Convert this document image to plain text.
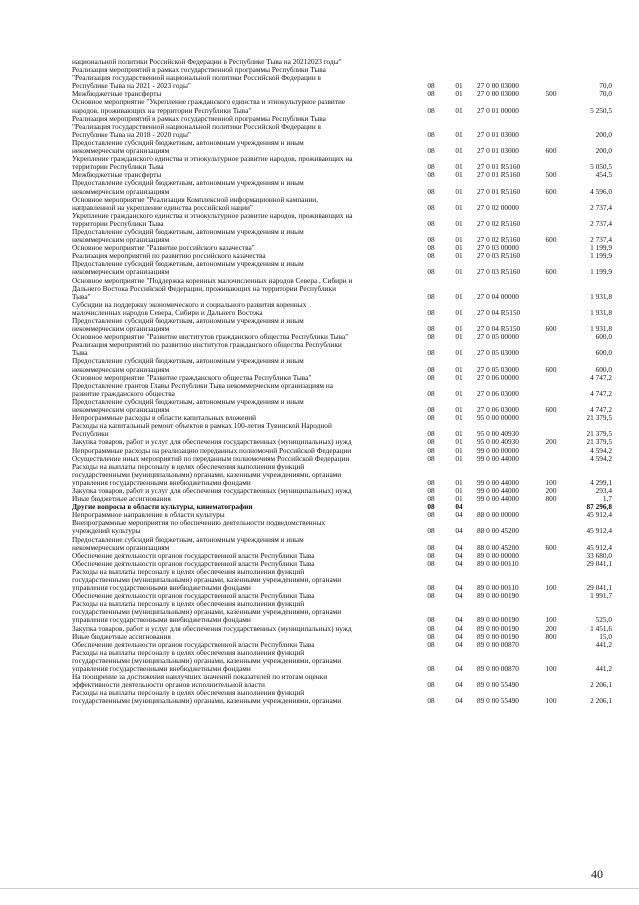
национальной политики Российской Федерации в Республике Тыва на 20212023 годы"
Реализация мероприятий в рамках государственной программы Республики Тыва
"Реализация государственной национальной политики Российской Федерации в
Республике Тыва на 2021 - 2023 годы"	08	01	27 0 00 03000	70,0
Межбюджетные трансферты	08	01	27 0 00 03000	500	70,0
Основное мероприятие "Укрепление гражданского единства и этнокультурное развитие
народов, проживающих на территории Республики Тыва"	08	01	27 0 01 00000	5 250,5
Реализация мероприятий в рамках государственной программы Республики Тыва
"Реализация государственной национальной политики Российской Федерации в
Республике Тыва на 2018 - 2020 годы"	08	01	27 0 01 03000	200,0
Предоставление субсидий бюджетным, автономным учреждениям и иным
некоммерческим организациям	08	01	27 0 01 03000	600	200,0
Укрепление гражданского единства и этнокультурное развитие народов, проживающих на
территории Республики Тыва	08	01	27 0 01 R5160	5 050,5
Межбюджетные трансферты	08	01	27 0 01 R5160	500	454,5
Предоставление субсидий бюджетным, автономным учреждениям и иным
некоммерческим организациям	08	01	27 0 01 R5160	600	4 596,0
Основное мероприятие "Реализация Комплексной информационной кампании,
направленной на укрепление единства российской нации"	08	01	27 0 02 00000	2 737,4
Укрепление гражданского единства и этнокультурное развитие народов, проживающих на
территории Республики Тыва	08	01	27 0 02 R5160	2 737,4
Предоставление субсидий бюджетным, автономным учреждениям и иным
некоммерческим организациям	08	01	27 0 02 R5160	600	2 737,4
Основное мероприятие "Развитие российского казачества"	08	01	27 0 03 00000	1 199,9
Реализация мероприятий по развитию российского казачества	08	01	27 0 03 R5160	1 199,9
Предоставление субсидий бюджетным, автономным учреждениям и иным
некоммерческим организациям	08	01	27 0 03 R5160	600	1 199,9
Основное мероприятие "Поддержка коренных малочисленных народов Севера , Сибири и
Дальнего Востока Российской Федерации, проживающих на территории Республики
Тыва"	08	01	27 0 04 00000	1 931,8
Субсидии на поддержку экономического и социального развития коренных
малочисленных народов Севера, Сибири и Дальнего Востока	08	01	27 0 04 R5150	1 931,8
Предоставление субсидий бюджетным, автономным учреждениям и иным
некоммерческим организациям	08	01	27 0 04 R5150	600	1 931,8
Основное мероприятие "Развитие институтов гражданского общества Республики Тыва"	08	01	27 0 05 00000	600,0
Реализация мероприятий по развитию институтов гражданского общества Республики
Тыва	08	01	27 0 05 03000	600,0
Предоставление субсидий бюджетным, автономным учреждениям и иным
некоммерческим организациям	08	01	27 0 05 03000	600	600,0
Основное мероприятие "Развитие гражданского общества Республики Тыва"	08	01	27 0 06 00000	4 747,2
Предоставление грантов Главы Республики Тыва некоммерческим организациям на
развитие гражданского общества	08	01	27 0 06 03000	4 747,2
Предоставление субсидий бюджетным, автономным учреждениям и иным
некоммерческим организациям	08	01	27 0 06 03000	600	4 747,2
Непрограммные расходы в области капитальных вложений	08	01	95 0 00 00000	21 379,5
Расходы на капитальный ремонт объектов в рамках 100-летия Тувинской Народной
Республики	08	01	95 0 00 40930	21 379,5
Закупка товаров, работ и услуг для обеспечения государственных (муниципальных) нужд	08	01	95 0 00 40930	200	21 379,5
Непрограммные расходы на реализацию переданных полномочий Российской Федерации	08	01	99 0 00 00000	4 594,2
Осуществление иных мероприятий по переданным полномочиям Российской Федерации	08	01	99 0 00 44000	4 594,2
Расходы на выплаты персоналу в целях обеспечения выполнения функций
государственными (муниципальными) органами, казенными учреждениями, органами
управления государственными внебюджетными фондами	08	01	99 0 00 44000	100	4 299,1
Закупка товаров, работ и услуг для обеспечения государственных (муниципальных) нужд	08	01	99 0 00 44000	200	293,4
Иные бюджетные ассигнования	08	01	99 0 00 44000	800	1,7
Другие вопросы в области культуры, кинематографии	08	04	87 296,8
Непрограммное направление в области культуры	08	04	88 0 00 00000	45 912,4
Внепрограммные мероприятия по обеспечению деятельности подведомственных
учреждений культуры	08	04	88 0 00 45200	45 912,4
Предоставление субсидий бюджетным, автономным учреждениям и иным
некоммерческим организациям	08	04	88 0 00 45200	600	45 912,4
Обеспечение деятельности органов государственной власти Республики Тыва	08	04	89 0 00 00000	33 680,0
Обеспечение деятельности органов государственной власти Республики Тыва	08	04	89 0 00 00110	29 041,1
Расходы на выплаты персоналу в целях обеспечения выполнения функций
государственными (муниципальными) органами, казенными учреждениями, органами
управления государственными внебюджетными фондами	08	04	89 0 00 00110	100	29 041,1
Обеспечение деятельности органов государственной власти Республики Тыва	08	04	89 0 00 00190	1 991,7
Расходы на выплаты персоналу в целях обеспечения выполнения функций
государственными (муниципальными) органами, казенными учреждениями, органами
управления государственными внебюджетными фондами	08	04	89 0 00 00190	100	525,0
Закупка товаров, работ и услуг для обеспечения государственных (муниципальных) нужд	08	04	89 0 00 00190	200	1 451,6
Иные бюджетные ассигнования	08	04	89 0 00 00190	800	15,0
Обеспечение деятельности органов государственной власти Республики Тыва	08	04	89 0 00 00870	441,2
Расходы на выплаты персоналу в целях обеспечения выполнения функций
государственными (муниципальными) органами, казенными учреждениями, органами
управления государственными внебюджетными фондами	08	04	89 0 00 00870	100	441,2
На поощрение за достижения наилучших значений показателей по итогам оценки
эффективности деятельности органов исполнительной власти	08	04	89 0 00 55490	2 206,1
Расходы на выплаты персоналу в целях обеспечения выполнения функций
государственными (муниципальными) органами, казенными учреждениями, органами	08	04	89 0 00 55490	100	2 206,1
40
